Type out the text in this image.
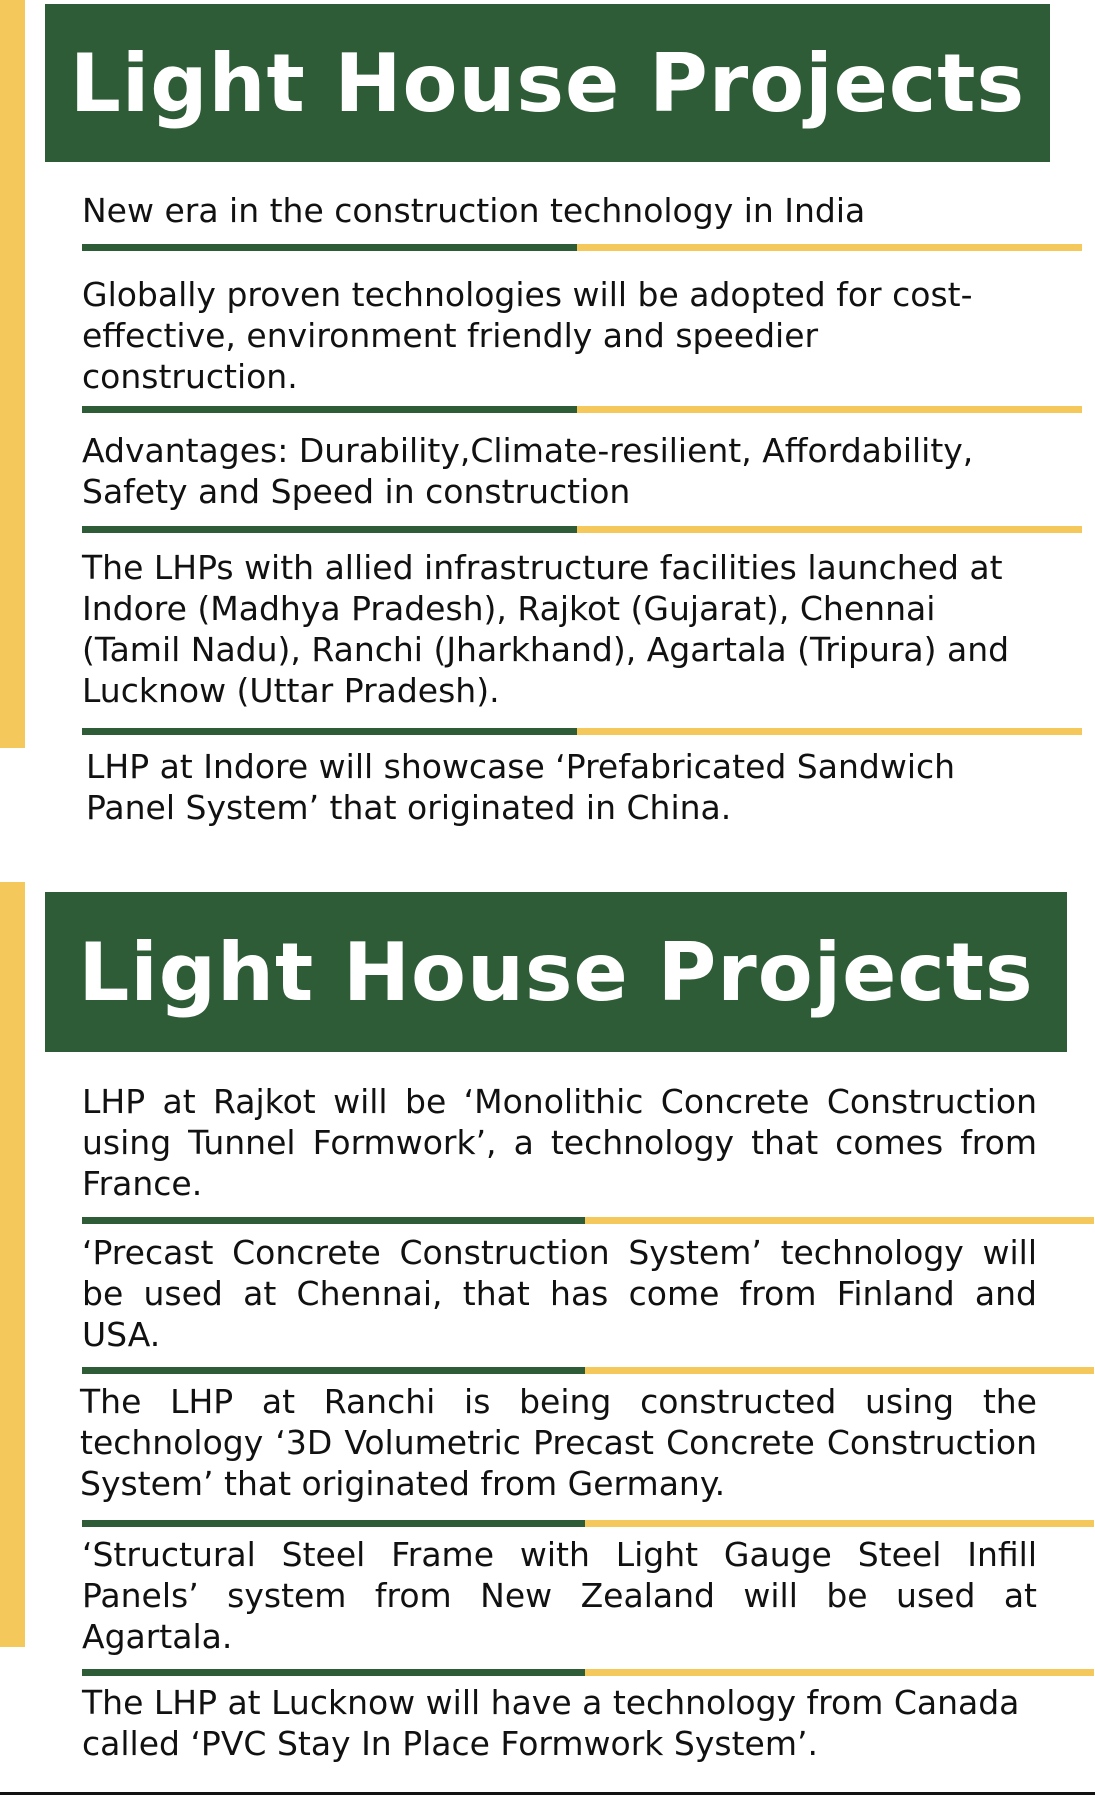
Light House Projects
New era in the construction technology in India
Globally proven technologies will be adopted for cost-effective, environment friendly and speedier construction.
Advantages: Durability,Climate-resilient, Affordability, Safety and Speed in construction
The LHPs with allied infrastructure facilities launched at Indore (Madhya Pradesh), Rajkot (Gujarat), Chennai (Tamil Nadu), Ranchi (Jharkhand), Agartala (Tripura) and Lucknow (Uttar Pradesh).
LHP at Indore will showcase ‘Prefabricated Sandwich Panel System’ that originated in China.
Light House Projects
LHP at Rajkot will be ‘Monolithic Concrete Construction using Tunnel Formwork’, a technology that comes from France.
‘Precast Concrete Construction System’ technology will be used at Chennai, that has come from Finland and USA.
The LHP at Ranchi is being constructed using the technology ‘3D Volumetric Precast Concrete Construction System’ that originated from Germany.
‘Structural Steel Frame with Light Gauge Steel Infill Panels’ system from New Zealand will be used at Agartala.
The LHP at Lucknow will have a technology from Canada called ‘PVC Stay In Place Formwork System’.
